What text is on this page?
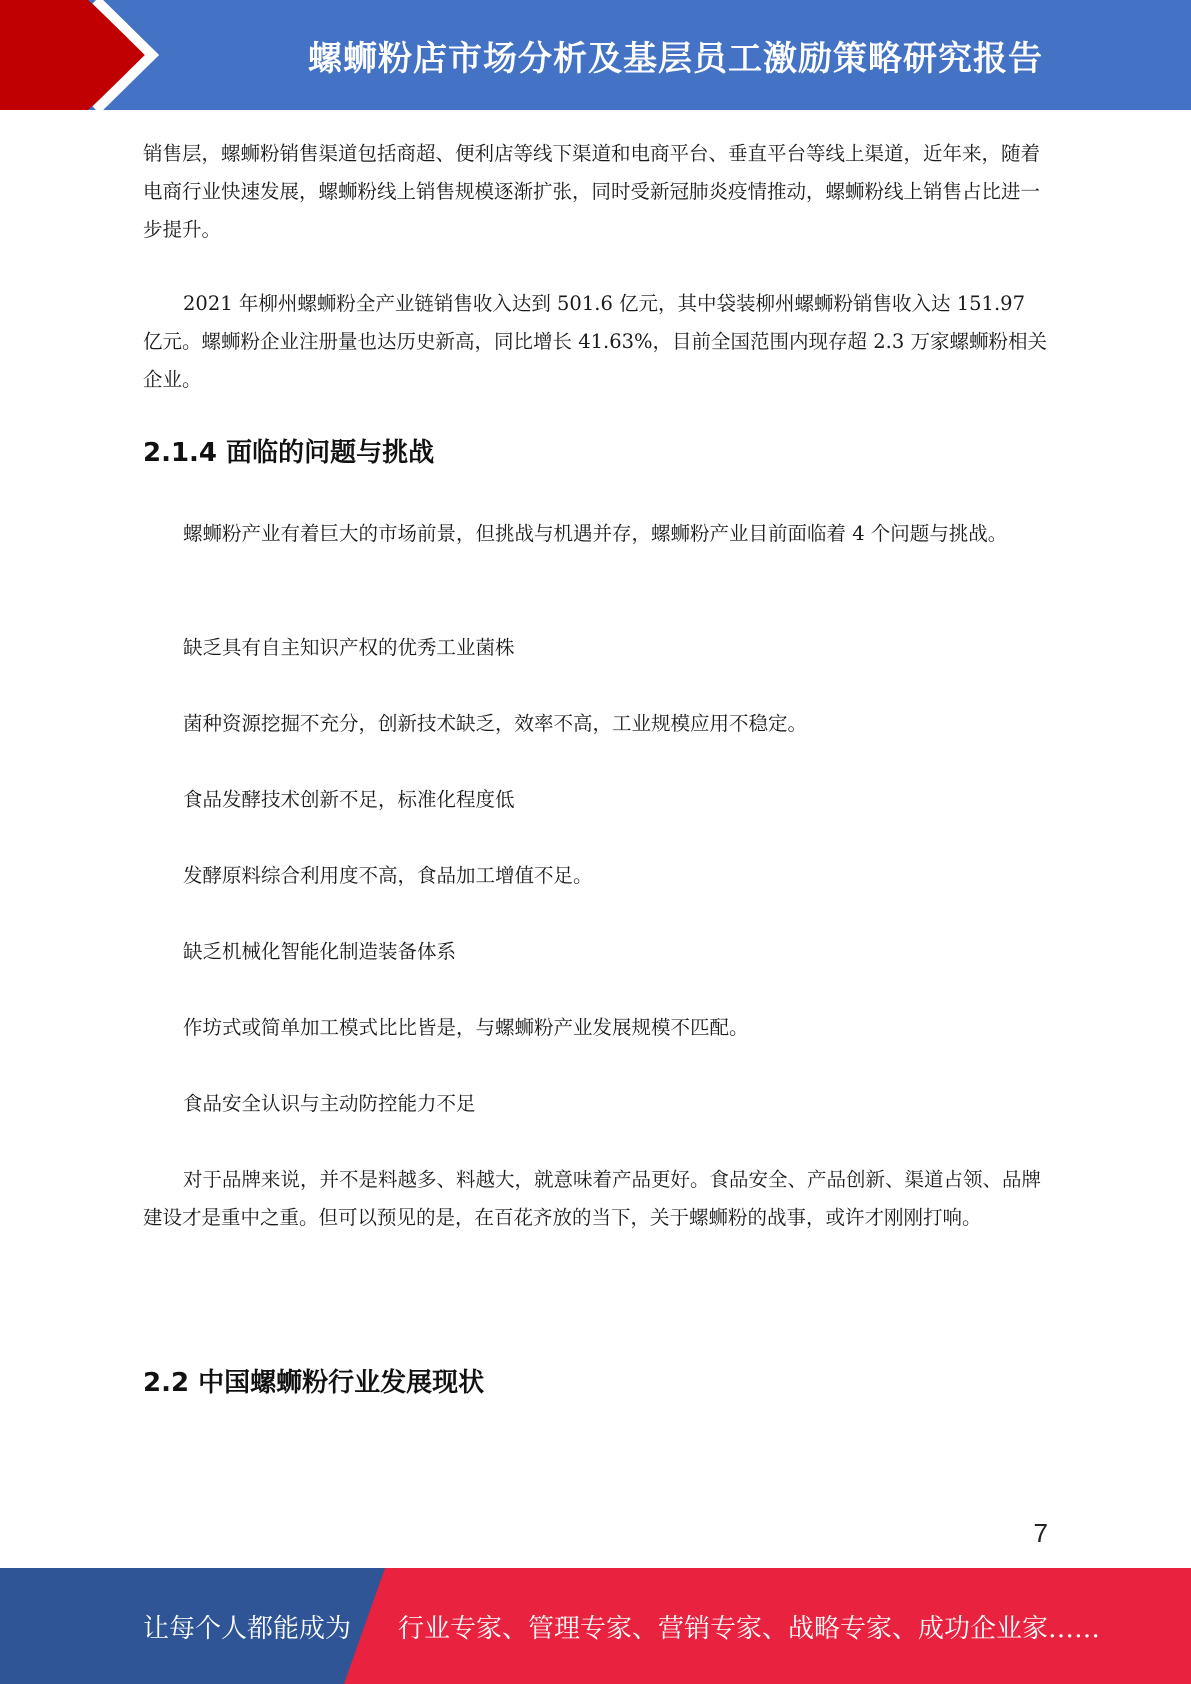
螺蛳粉店市场分析及基层员工激励策略研究报告

销售层，螺蛳粉销售渠道包括商超、便利店等线下渠道和电商平台、垂直平台等线上渠道，近年来，随着电商行业快速发展，螺蛳粉线上销售规模逐渐扩张，同时受新冠肺炎疫情推动，螺蛳粉线上销售占比进一步提升。

2021 年柳州螺蛳粉全产业链销售收入达到 501.6 亿元，其中袋装柳州螺蛳粉销售收入达 151.97 亿元。螺蛳粉企业注册量也达历史新高，同比增长 41.63%，目前全国范围内现存超 2.3 万家螺蛳粉相关企业。

2.1.4 面临的问题与挑战

螺蛳粉产业有着巨大的市场前景，但挑战与机遇并存，螺蛳粉产业目前面临着 4 个问题与挑战。

缺乏具有自主知识产权的优秀工业菌株

菌种资源挖掘不充分，创新技术缺乏，效率不高，工业规模应用不稳定。

食品发酵技术创新不足，标准化程度低

发酵原料综合利用度不高，食品加工增值不足。

缺乏机械化智能化制造装备体系

作坊式或简单加工模式比比皆是，与螺蛳粉产业发展规模不匹配。

食品安全认识与主动防控能力不足

对于品牌来说，并不是料越多、料越大，就意味着产品更好。食品安全、产品创新、渠道占领、品牌建设才是重中之重。但可以预见的是，在百花齐放的当下，关于螺蛳粉的战事，或许才刚刚打响。

2.2 中国螺蛳粉行业发展现状
7
让每个人都能成为 行业专家、管理专家、营销专家、战略专家、成功企业家……
